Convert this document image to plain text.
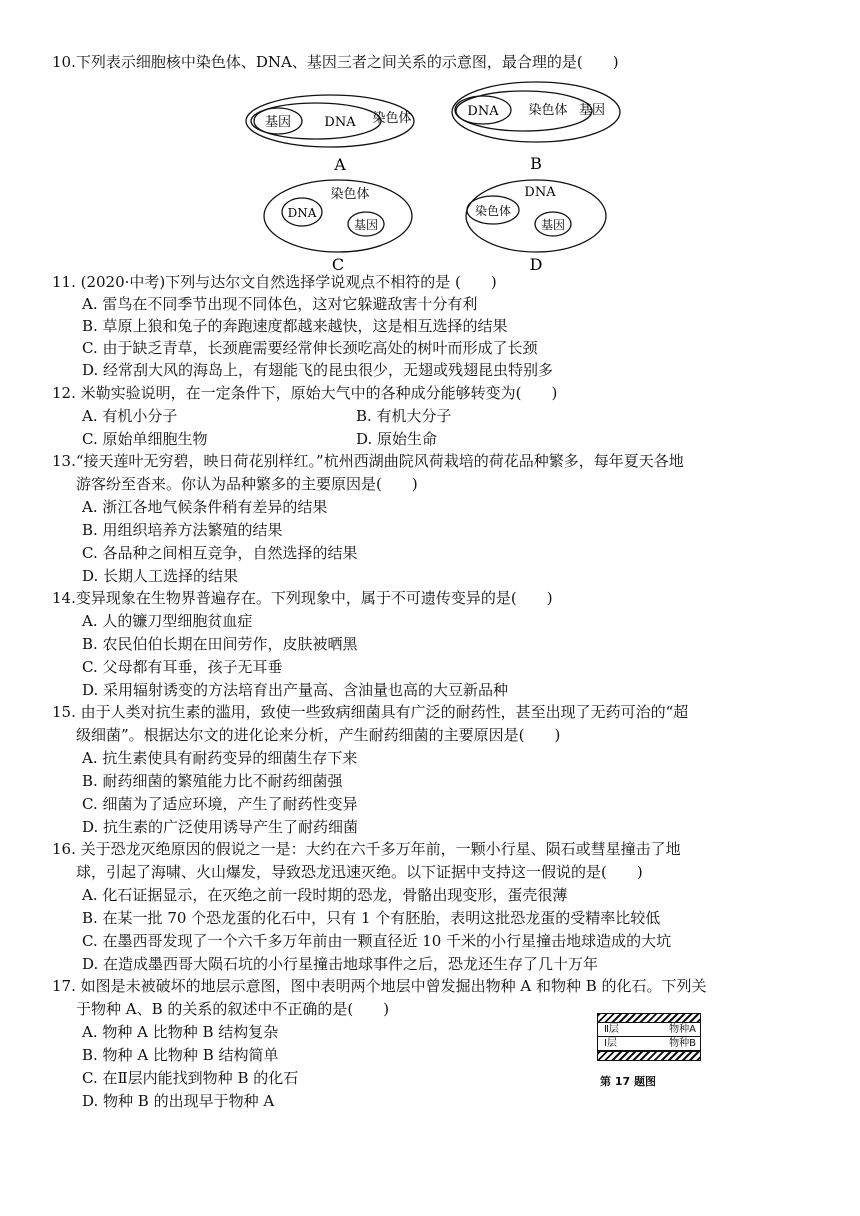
10.下列表示细胞核中染色体、DNA、基因三者之间关系的示意图，最合理的是(　　)
基因	DNA 染色体
A
DNA 染色体 基因
B
染色体
DNA
基因
C
DNA
染色体
基因
D
11. (2020·中考)下列与达尔文自然选择学说观点不相符的是 (　　)
A. 雷鸟在不同季节出现不同体色，这对它躲避敌害十分有利
B. 草原上狼和兔子的奔跑速度都越来越快，这是相互选择的结果
C. 由于缺乏青草，长颈鹿需要经常伸长颈吃高处的树叶而形成了长颈
D. 经常刮大风的海岛上，有翅能飞的昆虫很少，无翅或残翅昆虫特别多
12. 米勒实验说明，在一定条件下，原始大气中的各种成分能够转变为(　　)
A. 有机小分子	B. 有机大分子
C. 原始单细胞生物	D. 原始生命
13.“接天莲叶无穷碧，映日荷花别样红。”杭州西湖曲院风荷栽培的荷花品种繁多，每年夏天各地
游客纷至沓来。你认为品种繁多的主要原因是(　　)
A. 浙江各地气候条件稍有差异的结果
B. 用组织培养方法繁殖的结果
C. 各品种之间相互竞争，自然选择的结果
D. 长期人工选择的结果
14.变异现象在生物界普遍存在。下列现象中，属于不可遗传变异的是(　　)
A. 人的镰刀型细胞贫血症
B. 农民伯伯长期在田间劳作，皮肤被晒黑
C. 父母都有耳垂，孩子无耳垂
D. 采用辐射诱变的方法培育出产量高、含油量也高的大豆新品种
15. 由于人类对抗生素的滥用，致使一些致病细菌具有广泛的耐药性，甚至出现了无药可治的“超
级细菌”。根据达尔文的进化论来分析，产生耐药细菌的主要原因是(　　)
A. 抗生素使具有耐药变异的细菌生存下来
B. 耐药细菌的繁殖能力比不耐药细菌强
C. 细菌为了适应环境，产生了耐药性变异
D. 抗生素的广泛使用诱导产生了耐药细菌
16. 关于恐龙灭绝原因的假说之一是：大约在六千多万年前，一颗小行星、陨石或彗星撞击了地
球，引起了海啸、火山爆发，导致恐龙迅速灭绝。以下证据中支持这一假说的是(　　)
A. 化石证据显示，在灭绝之前一段时期的恐龙，骨骼出现变形，蛋壳很薄
B. 在某一批 70 个恐龙蛋的化石中，只有 1 个有胚胎，表明这批恐龙蛋的受精率比较低
C. 在墨西哥发现了一个六千多万年前由一颗直径近 10 千米的小行星撞击地球造成的大坑
D. 在造成墨西哥大陨石坑的小行星撞击地球事件之后，恐龙还生存了几十万年
17. 如图是未被破坏的地层示意图，图中表明两个地层中曾发掘出物种 A 和物种 B 的化石。下列关
于物种 A、B 的关系的叙述中不正确的是(　　)
A. 物种 A 比物种 B 结构复杂
B. 物种 A 比物种 B 结构简单
C. 在Ⅱ层内能找到物种 B 的化石
D. 物种 B 的出现早于物种 A
Ⅱ层	物种A
Ⅰ层	物种B
第 17 题图
